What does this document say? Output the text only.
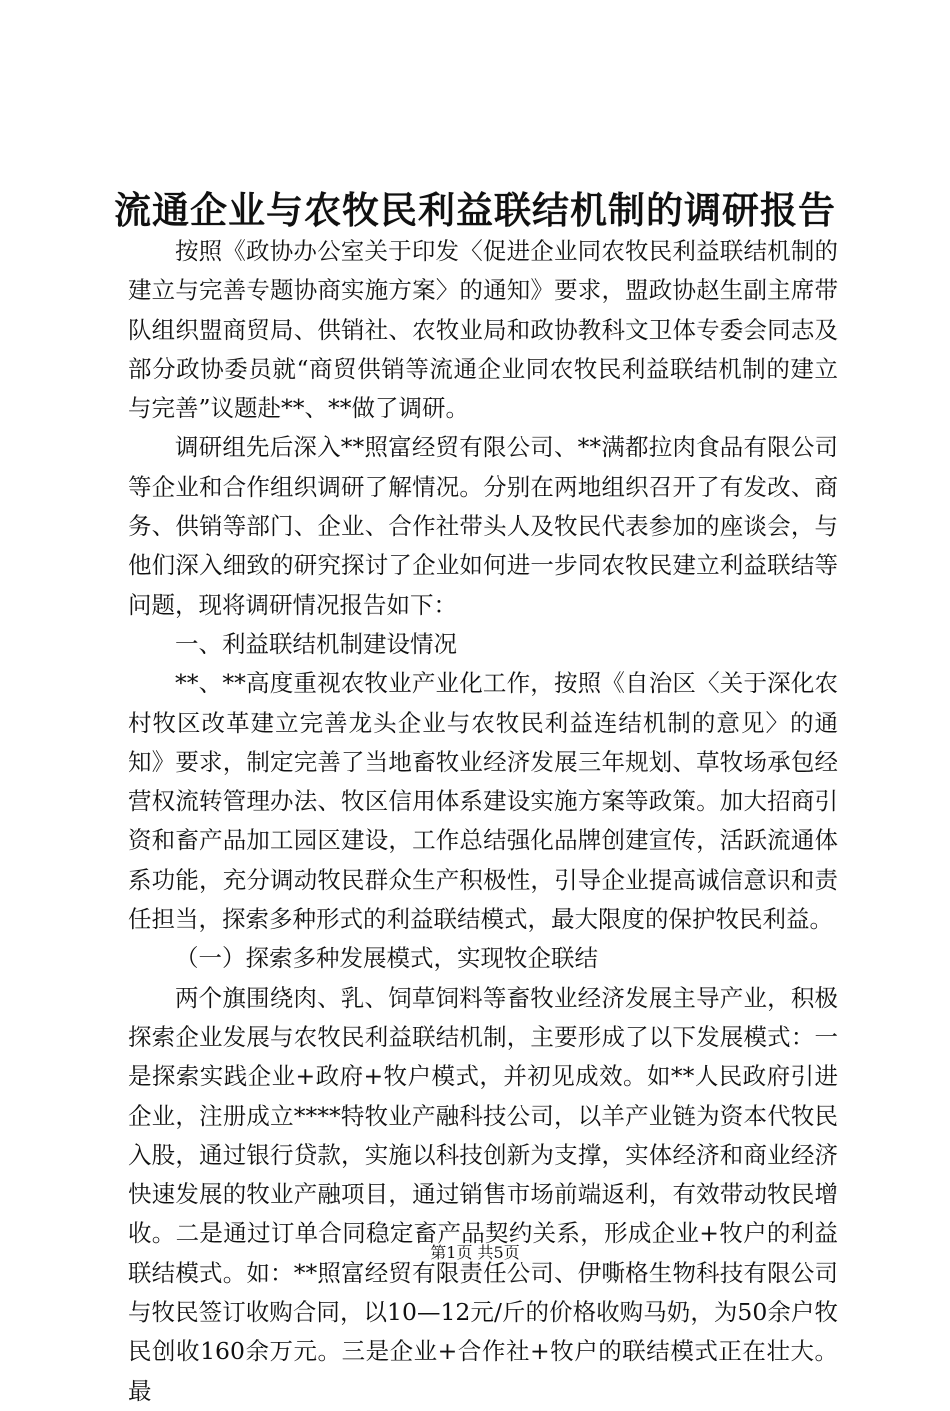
流通企业与农牧民利益联结机制的调研报告

按照《政协办公室关于印发〈促进企业同农牧民利益联结机制的建立与完善专题协商实施方案〉的通知》要求，盟政协赵生副主席带队组织盟商贸局、供销社、农牧业局和政协教科文卫体专委会同志及部分政协委员就“商贸供销等流通企业同农牧民利益联结机制的建立与完善”议题赴**、**做了调研。

调研组先后深入**照富经贸有限公司、**满都拉肉食品有限公司等企业和合作组织调研了解情况。分别在两地组织召开了有发改、商务、供销等部门、企业、合作社带头人及牧民代表参加的座谈会，与他们深入细致的研究探讨了企业如何进一步同农牧民建立利益联结等问题，现将调研情况报告如下：

一、利益联结机制建设情况

**、**高度重视农牧业产业化工作，按照《自治区〈关于深化农村牧区改革建立完善龙头企业与农牧民利益连结机制的意见〉的通知》要求，制定完善了当地畜牧业经济发展三年规划、草牧场承包经营权流转管理办法、牧区信用体系建设实施方案等政策。加大招商引资和畜产品加工园区建设，工作总结强化品牌创建宣传，活跃流通体系功能，充分调动牧民群众生产积极性，引导企业提高诚信意识和责任担当，探索多种形式的利益联结模式，最大限度的保护牧民利益。

（一）探索多种发展模式，实现牧企联结

两个旗围绕肉、乳、饲草饲料等畜牧业经济发展主导产业，积极探索企业发展与农牧民利益联结机制，主要形成了以下发展模式：一是探索实践企业+政府+牧户模式，并初见成效。如**人民政府引进企业，注册成立****特牧业产融科技公司，以羊产业链为资本代牧民入股，通过银行贷款，实施以科技创新为支撑，实体经济和商业经济快速发展的牧业产融项目，通过销售市场前端返利，有效带动牧民增收。二是通过订单合同稳定畜产品契约关系，形成企业+牧户的利益联结模式。如：**照富经贸有限责任公司、伊嘶格生物科技有限公司与牧民签订收购合同，以10—12元/斤的价格收购马奶，为50余户牧民创收160余万元。三是企业+合作社+牧户的联结模式正在壮大。最

第1页 共5页
